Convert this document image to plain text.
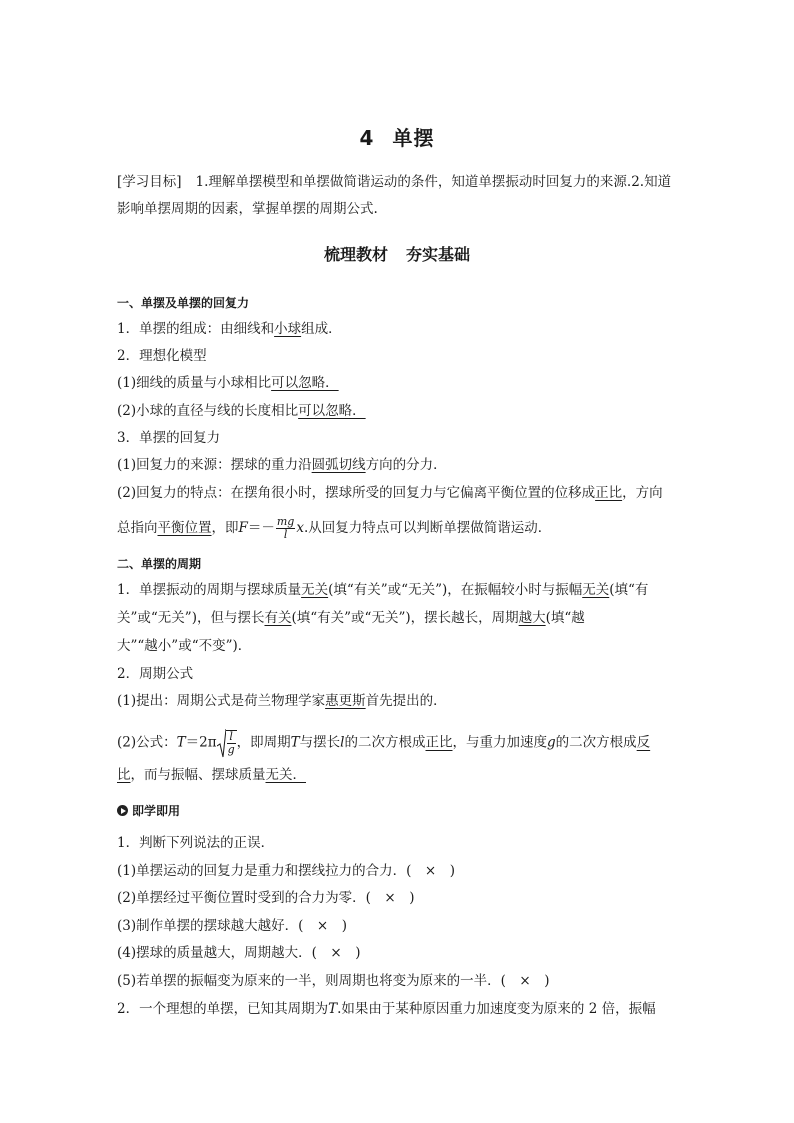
4 单摆
[学习目标] 1.理解单摆模型和单摆做简谐运动的条件，知道单摆振动时回复力的来源.2.知道
影响单摆周期的因素，掌握单摆的周期公式.
梳理教材 夯实基础
一、单摆及单摆的回复力
1．单摆的组成：由细线和小球组成．
2．理想化模型
(1)细线的质量与小球相比可以忽略．
(2)小球的直径与线的长度相比可以忽略．
3．单摆的回复力
(1)回复力的来源：摆球的重力沿圆弧切线方向的分力．
(2)回复力的特点：在摆角很小时，摆球所受的回复力与它偏离平衡位置的位移成正比，方向
总指向平衡位置，即$F=- \frac{mg}{l} x$.从回复力特点可以判断单摆做简谐运动．
二、单摆的周期
1．单摆振动的周期与摆球质量无关(填“有关”或“无关”)，在振幅较小时与振幅无关(填“有
关”或“无关”)，但与摆长有关(填“有关”或“无关”)，摆长越长，周期越大(填“越
大”“越小”或“不变”)．
2．周期公式
(1)提出：周期公式是荷兰物理学家惠更斯首先提出的．
(2)公式：$T=2\pi \frac{l}{g}$ ，即周期T与摆长l的二次方根成正比，与重力加速度g的二次方根成反
比，而与振幅、摆球质量无关．
即学即用
1．判断下列说法的正误．
(1)单摆运动的回复力是重力和摆线拉力的合力．(　×　)
(2)单摆经过平衡位置时受到的合力为零．(　×　)
(3)制作单摆的摆球越大越好．(　×　)
(4)摆球的质量越大，周期越大．(　×　)
(5)若单摆的振幅变为原来的一半，则周期也将变为原来的一半．(　×　)
2．一个理想的单摆，已知其周期为T.如果由于某种原因重力加速度变为原来的 2 倍，振幅
